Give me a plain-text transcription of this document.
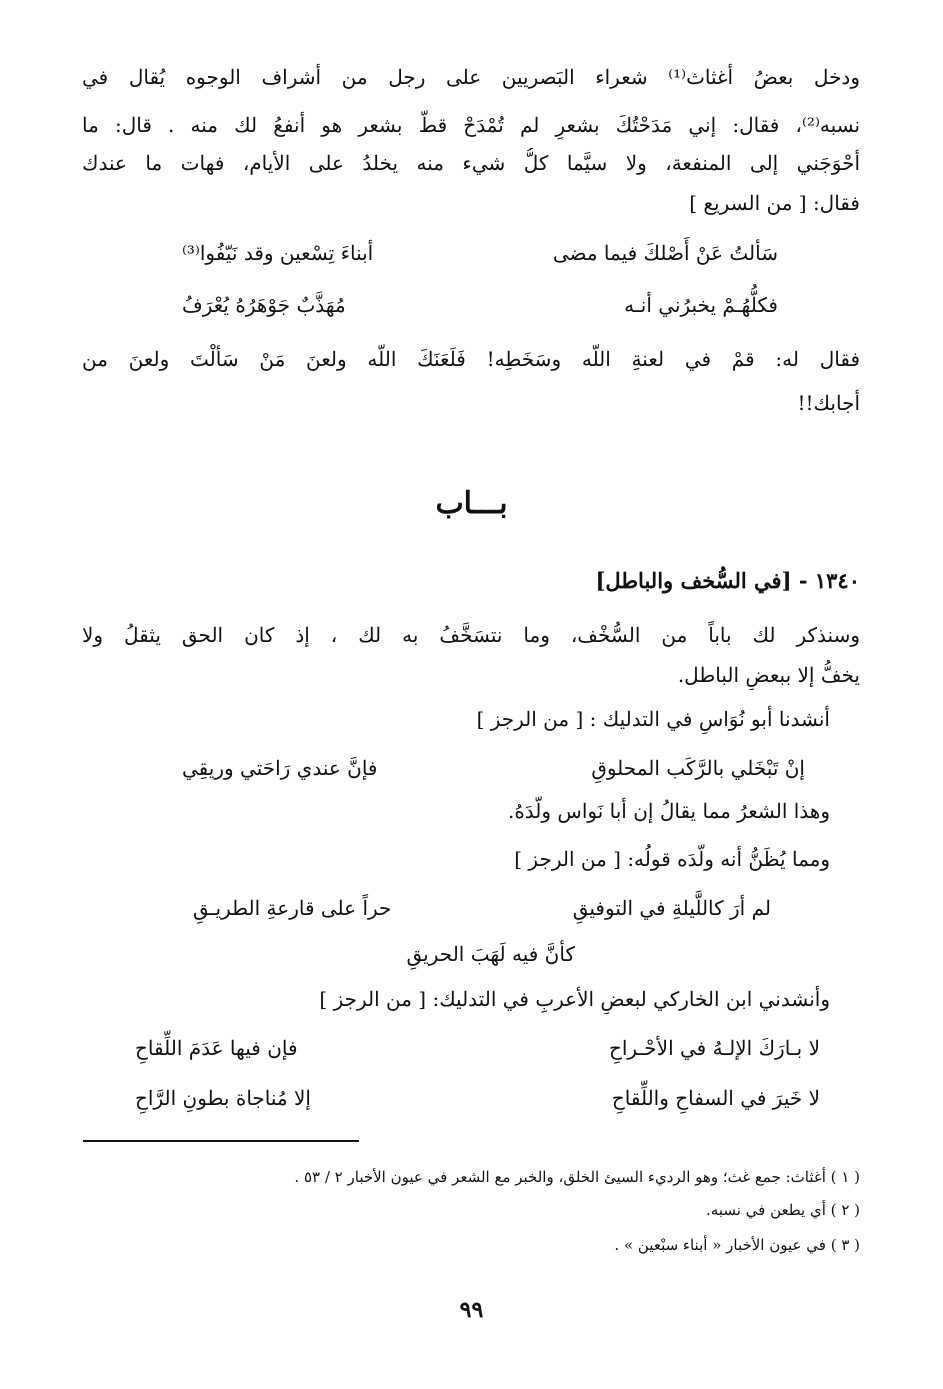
ودخل بعضُ أغثاث⁽¹⁾ شعراء البَصريين على رجل من أشراف الوجوه يُقال في
نسبه⁽²⁾، فقال: إني مَدَحْتُكَ بشعرٍ لم تُمْدَحْ قطُّ بشعر هو أنفعُ لك منه . قال: ما
أحْوَجَني إلى المنفعة، ولا سيَّما كلُّ شيء منه يخلدُ على الأيام، فهات ما عندك
فقال: [ من السريع ]
سَألتُ عَنْ أَصْلكَ فيما مضى
أبناءَ تِسْعين وقد نَيّفُوا⁽³⁾
فكلُّهُـمْ يخبرُني أنـه
مُهَذَّبٌ جَوْهَرُهُ يُعْرَفُ
فقال له: قمْ في لعنةِ اللّه وسَخَطِه! فَلَعَنَكَ اللّه ولعنَ مَنْ سَألْتَ ولعنَ من
أجابك!!
بـــاب
١٣٤٠ - [في السُّخف والباطل]
وسنذكر لك باباً من السُّخْف، وما نتسَخَّفُ به لك ، إذ كان الحق يثقلُ ولا
يخفُّ إلا ببعضِ الباطل.
أنشدنا أبو نُوَاسٍ في التدليك : [ من الرجز ]
إنْ تَبْخَلي بالرَّكَب المحلوقِ
فإنَّ عندي رَاحَتي وريقِي
وهذا الشعرُ مما يقالُ إن أبا نَواس ولَّدَهُ.
ومما يُظَنُّ أنه ولَّدَه قولُه: [ من الرجز ]
لم أرَ كاللَّيلةِ في التوفيقِ
حراً على قارعةِ الطريـقِ
كأنَّ فيه لَهَبَ الحريقِ
وأنشدني ابن الخاركي لبعضِ الأعربِ في التدليك: [ من الرجز ]
لا بـارَكَ الإلـهُ في الأحْـراحِ
فإن فيها عَدَمَ اللِّقاحِ
لا خَيرَ في السفاحِ واللِّقاحِ
إلا مُناجاة بطونِ الرَّاحِ
( ١ ) أغثاث: جمع غث؛ وهو الرديء السيئ الخلق، والخبر مع الشعر في عيون الأخبار ٢ / ٥٣ .
( ٢ ) أي يطعن في نسبه.
( ٣ ) في عيون الأخبار « أبناء سبْعين » .
٩٩
